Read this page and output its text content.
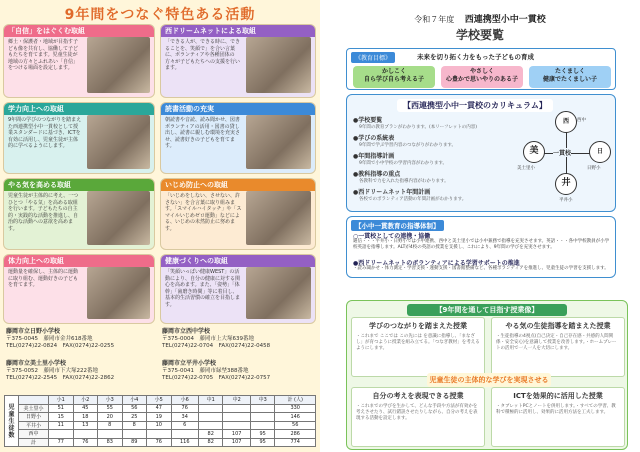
9年間をつなぐ特色ある活動
「自信」をはぐくむ取組
郷土・保護者・地域が目指す子ども像を共有し、協働して子どもたちを育てます。児童生徒が地域の方々とふれあい「自信」をつける場面を設定します。
西ドリームネットによる取組
「できる人が、できる時に、できることを、笑顔で」を合い言葉に、ボランティアや各種団体の方々が子どもたちへの支援を行います。
学力向上への取組
9年間の学びのつながりを踏まえた西連携型小中一貫校として授業スタンダードに基づき、ICTを有効に活用し、児童生徒が主体的に学べるようにします。
読書活動の充実
朝読書や音読、読み聞かせ、図書ボランティアの活用・図書の貸し出し、読書に親しむ環境を充実させ、読書好きの子どもを育てます。
やる気を高める取組
児童生徒が主体的に考え、一つひとつ「やる気」を高める取組を行います。子どもたちの自主的・実践的な活動を推進し、自治的な活動への意欲を高めます。
いじめ防止への取組
「いじめをしない、させない、許さない」を合言葉に取り組みます。「スマイルハイタッチ」や「スマイルいじめゼロ運動」などによる、いじめの未然防止に努めます。
体力向上への取組
運動量を確保し、主体的に運動に取り組む、運動好きの子どもを育てます。
健康づくりへの取組
「笑顔いっぱい健康WEST」の活動により、自分の健康に対する関心を高めます。また、「姿勢」「体幹」「歯磨き時間」等に着目し、基本的生活習慣の確立を目指します。
藤岡市立日野小学校
〒375-0045　藤岡市金井618番地
TEL(0274)22-0824　FAX(0274)22-0255
藤岡市立西中学校
〒375-0004　藤岡市上大塚639番地
TEL(0274)22-0704　FAX(0274)22-0458
藤岡市立美土里小学校
〒375-0052　藤岡市下大塚222番地
TEL(0274)22-2545　FAX(0274)22-2862
藤岡市立平井小学校
〒375-0041　藤岡市緑埜388番地
TEL(0274)22-0705　FAX(0274)22-0757
児童生徒数		小1	小2	小3	小4	小5	小6	中1	中2	中3	計 (人)
	美土里小	51	45	55	56	47	76				330
	日野小	15	18	20	25	19	34				146
	平井小	11	13	8	8	10	6				56
	西中							82	107	95	286
	計	77	76	83	89	76	116	82	107	95	774
令和７年度　 西連携型小中一貫校
学校要覧
《教育目標》	未来を切り拓く力をもった子どもの育成
かしこく
自ら学び自ら考える子
やさしく
心豊かで思いやりのある子
たくましく
健康でたくましい子
【西連携型小中一貫校のカリキュラム】
●学校要覧
9年間の教育プランがわかります。(本リーフレットの内容)
●学びの系統表
9年間で学ぶ学習内容のつながりがわかります。
●年間指導計画
9年間で小中学校の学習内容がわかります。
●教科指導の重点
各教科で力を入れた指導内容がわかります。
●西ドリームネット年間計画
各校でのボランティア活動の年間計画がわかります。
西	西中
美
美土里小
一貫校	日
日野小
井
平井小
【小中一貫教育の指導体制】
○一貫校としての連携・協働
通信・・・平井小・日野小では小中連携、西中と美土里小では小中兼務で指導を充実させます。英語・・・各中学校教員が小学校英語を指導します。ALTが4校の英語の授業を支援し、これにより、9年間の学びを充実させます。
●西ドリームネットのボランティアによる学習サポートの推進
・読み聞かせ・体力測定・学習支援・運動支援・図書館整備など、各種ボランティアを推進し、児童生徒の学習を支援します。
【9年間を通して目指す授業像】
学びのつながりを踏まえた授業
・これまで ここでは この先には を意識に指導し、「まなざし」が育つように授業を組み立てる。「つなぎ教材」を考えるようにします。
やる気の生徒指導を踏まえた授業
・生徒指導の4視点(自己決定・自己存在感・共感的人間関係・安全安心)を意識して授業を改善します。・ホームプレートの活用で一人一人を大切にします。
児童生徒の主体的な学びを実現させる
自分の考えを表現できる授業
・これまでの学びを生かして、どんな手段や方法が有効かを考えさせたり、試行錯誤させたりしながら、自分の考えを表現する活動を設定します。
ICTを効果的に活用した授業
・タブレットPCとノートを併用します。・すべての学習、教科で積極的に活用し、効果的に活用方法を工夫します。
